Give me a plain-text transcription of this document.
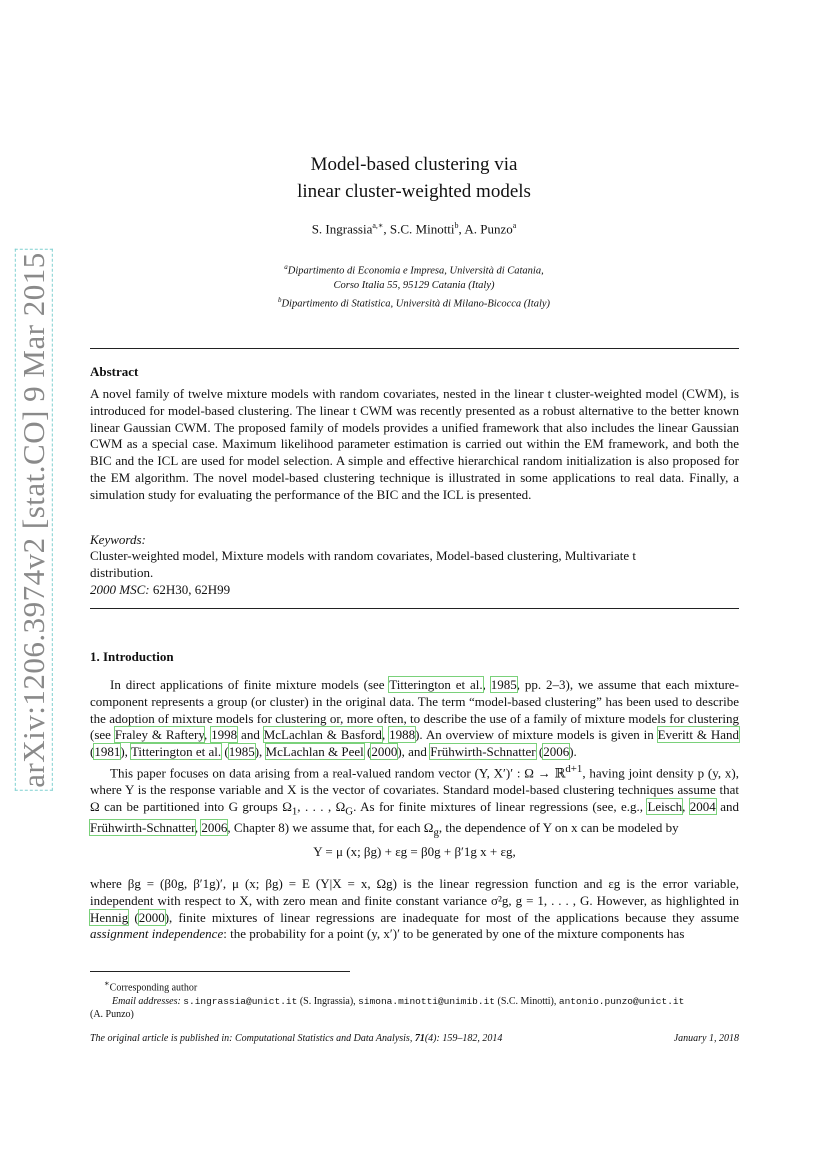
arXiv:1206.3974v2 [stat.CO] 9 Mar 2015
Model-based clustering via
linear cluster-weighted models
S. Ingrassia$^{a,∗}$, S.C. Minotti$^b$, A. Punzo$^a$
$^a$Dipartimento di Economia e Impresa, Università di Catania,
Corso Italia 55, 95129 Catania (Italy)
$^b$Dipartimento di Statistica, Università di Milano-Bicocca (Italy)
Abstract
A novel family of twelve mixture models with random covariates, nested in the linear t cluster-weighted model (CWM), is introduced for model-based clustering. The linear t CWM was recently presented as a robust alternative to the better known linear Gaussian CWM. The proposed family of models provides a unified framework that also includes the linear Gaussian CWM as a special case. Maximum likelihood parameter estimation is carried out within the EM framework, and both the BIC and the ICL are used for model selection. A simple and effective hierarchical random initialization is also proposed for the EM algorithm. The novel model-based clustering technique is illustrated in some applications to real data. Finally, a simulation study for evaluating the performance of the BIC and the ICL is presented.
Keywords:
Cluster-weighted model, Mixture models with random covariates, Model-based clustering, Multivariate t distribution.
2000 MSC: 62H30, 62H99
1. Introduction
In direct applications of finite mixture models (see Titterington et al., 1985, pp. 2–3), we assume that each mixture-component represents a group (or cluster) in the original data. The term “model-based clustering” has been used to describe the adoption of mixture models for clustering or, more often, to describe the use of a family of mixture models for clustering (see Fraley & Raftery, 1998 and McLachlan & Basford, 1988). An overview of mixture models is given in Everitt & Hand (1981), Titterington et al. (1985), McLachlan & Peel (2000), and Frühwirth-Schnatter (2006).
This paper focuses on data arising from a real-valued random vector (Y, X′)′ : Ω → ℝ$^{d+1}$, having joint density p (y, x), where Y is the response variable and X is the vector of covariates. Standard model-based clustering techniques assume that Ω can be partitioned into G groups $\Omega_1$, . . . , $\Omega_G$. As for finite mixtures of linear regressions (see, e.g., Leisch, 2004 and Frühwirth-Schnatter, 2006, Chapter 8) we assume that, for each $\Omega_g$, the dependence of Y on x can be modeled by
Y = μ (x; βg) + εg = β0g + β′1g x + εg,
where βg = (β0g, β′1g)′, μ (x; βg) = E (Y|X = x, Ωg) is the linear regression function and εg is the error variable, independent with respect to X, with zero mean and finite constant variance σ²g, g = 1, . . . , G. However, as highlighted in Hennig (2000), finite mixtures of linear regressions are inadequate for most of the applications because they assume assignment independence: the probability for a point (y, x′)′ to be generated by one of the mixture components has
∗Corresponding author
Email addresses: s.ingrassia@unict.it (S. Ingrassia), simona.minotti@unimib.it (S.C. Minotti), antonio.punzo@unict.it
(A. Punzo)
The original article is published in: Computational Statistics and Data Analysis, 71(4): 159–182, 2014	January 1, 2018
